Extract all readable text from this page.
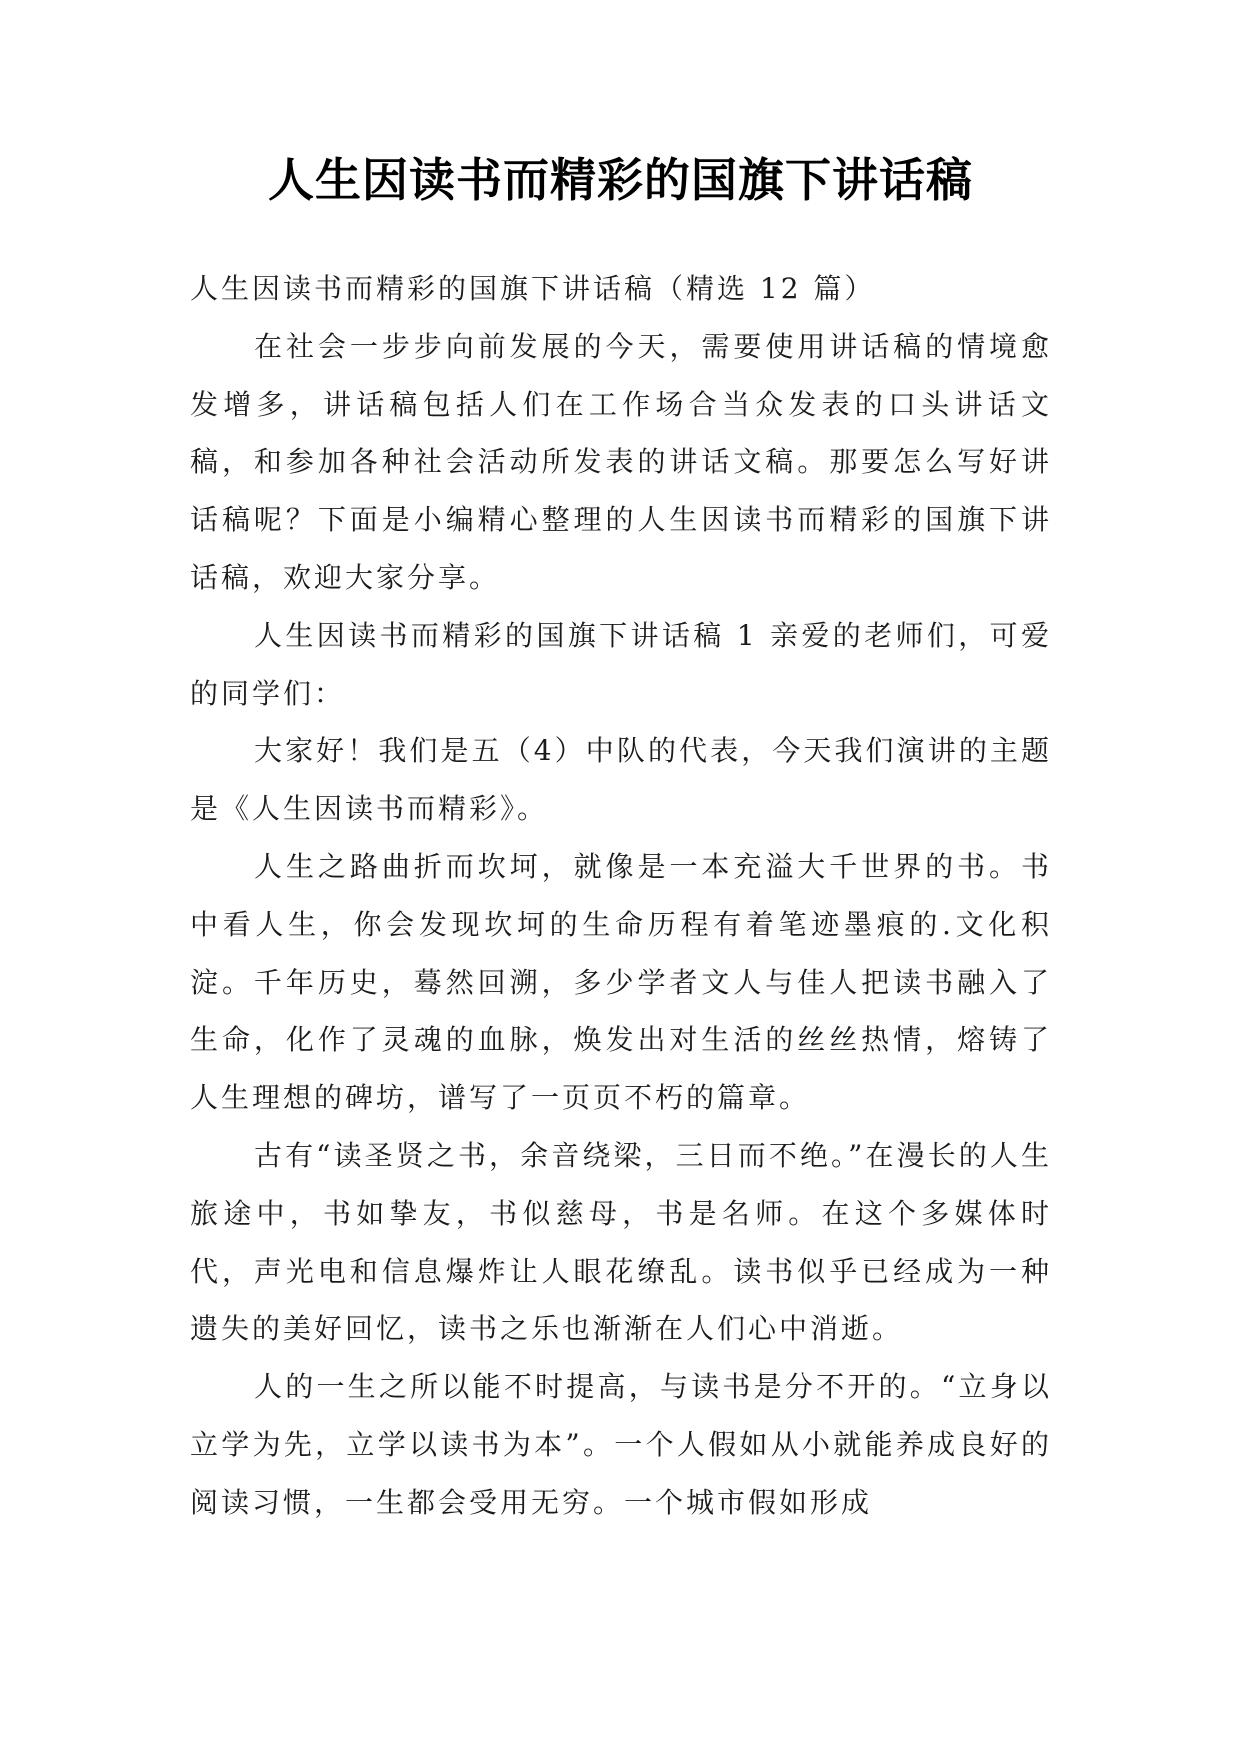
人生因读书而精彩的国旗下讲话稿

人生因读书而精彩的国旗下讲话稿（精选 12 篇）

在社会一步步向前发展的今天，需要使用讲话稿的情境愈发增多，讲话稿包括人们在工作场合当众发表的口头讲话文稿，和参加各种社会活动所发表的讲话文稿。那要怎么写好讲话稿呢？下面是小编精心整理的人生因读书而精彩的国旗下讲话稿，欢迎大家分享。

人生因读书而精彩的国旗下讲话稿 1 亲爱的老师们，可爱的同学们：

大家好！我们是五（4）中队的代表，今天我们演讲的主题是《人生因读书而精彩》。

人生之路曲折而坎坷，就像是一本充溢大千世界的书。书中看人生，你会发现坎坷的生命历程有着笔迹墨痕的.文化积淀。千年历史，蓦然回溯，多少学者文人与佳人把读书融入了生命，化作了灵魂的血脉，焕发出对生活的丝丝热情，熔铸了人生理想的碑坊，谱写了一页页不朽的篇章。

古有“读圣贤之书，余音绕梁，三日而不绝。”在漫长的人生旅途中，书如挚友，书似慈母，书是名师。在这个多媒体时代，声光电和信息爆炸让人眼花缭乱。读书似乎已经成为一种遗失的美好回忆，读书之乐也渐渐在人们心中消逝。

人的一生之所以能不时提高，与读书是分不开的。“立身以立学为先，立学以读书为本”。一个人假如从小就能养成良好的阅读习惯，一生都会受用无穷。一个城市假如形成
